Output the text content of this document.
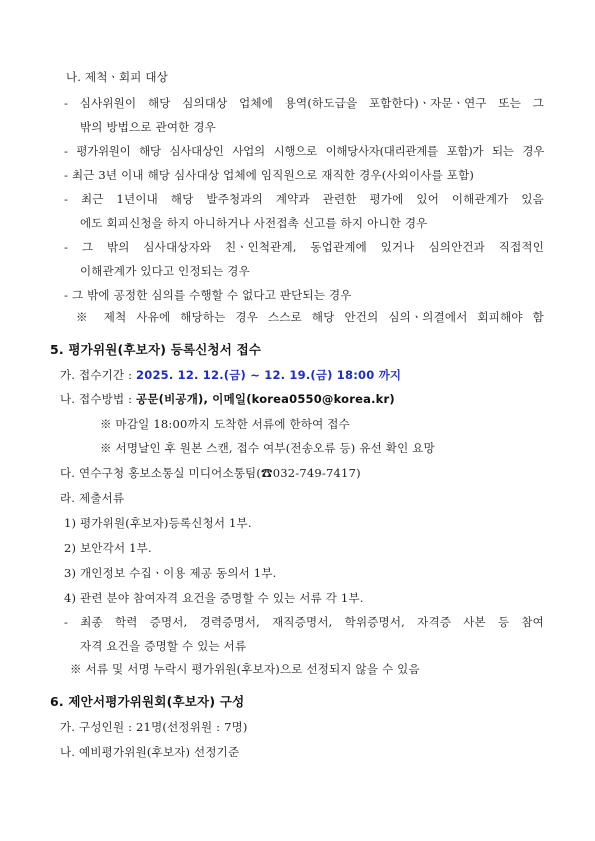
나. 제척ㆍ회피 대상
- 심사위원이 해당 심의대상 업체에 용역(하도급을 포함한다)ㆍ자문ㆍ연구 또는 그
밖의 방법으로 관여한 경우
- 평가위원이 해당 심사대상인 사업의 시행으로 이해당사자(대리관계를 포함)가 되는 경우
- 최근 3년 이내 해당 심사대상 업체에 임직원으로 재직한 경우(사외이사를 포함)
- 최근 1년이내 해당 발주청과의 계약과 관련한 평가에 있어 이해관계가 있음
에도 회피신청을 하지 아니하거나 사전접촉 신고를 하지 아니한 경우
- 그 밖의 심사대상자와 친ㆍ인척관계, 동업관계에 있거나 심의안건과 직접적인
이해관계가 있다고 인정되는 경우
- 그 밖에 공정한 심의를 수행할 수 없다고 판단되는 경우
※ 제척 사유에 해당하는 경우 스스로 해당 안건의 심의ㆍ의결에서 회피해야 함
5. 평가위원(후보자) 등록신청서 접수
가. 접수기간 : 2025. 12. 12.(금) ~ 12. 19.(금) 18:00 까지
나. 접수방법 : 공문(비공개), 이메일(korea0550@korea.kr)
※ 마감일 18:00까지 도착한 서류에 한하여 접수
※ 서명날인 후 원본 스캔, 접수 여부(전송오류 등) 유선 확인 요망
다. 연수구청 홍보소통실 미디어소통팀(☎032-749-7417)
라. 제출서류
1) 평가위원(후보자)등록신청서 1부.
2) 보안각서 1부.
3) 개인정보 수집ㆍ이용 제공 동의서 1부.
4) 관련 분야 참여자격 요건을 증명할 수 있는 서류 각 1부.
- 최종 학력 증명서, 경력증명서, 재직증명서, 학위증명서, 자격증 사본 등 참여
자격 요건을 증명할 수 있는 서류
※ 서류 및 서명 누락시 평가위원(후보자)으로 선정되지 않을 수 있음
6. 제안서평가위원회(후보자) 구성
가. 구성인원 : 21명(선정위원 : 7명)
나. 예비평가위원(후보자) 선정기준
